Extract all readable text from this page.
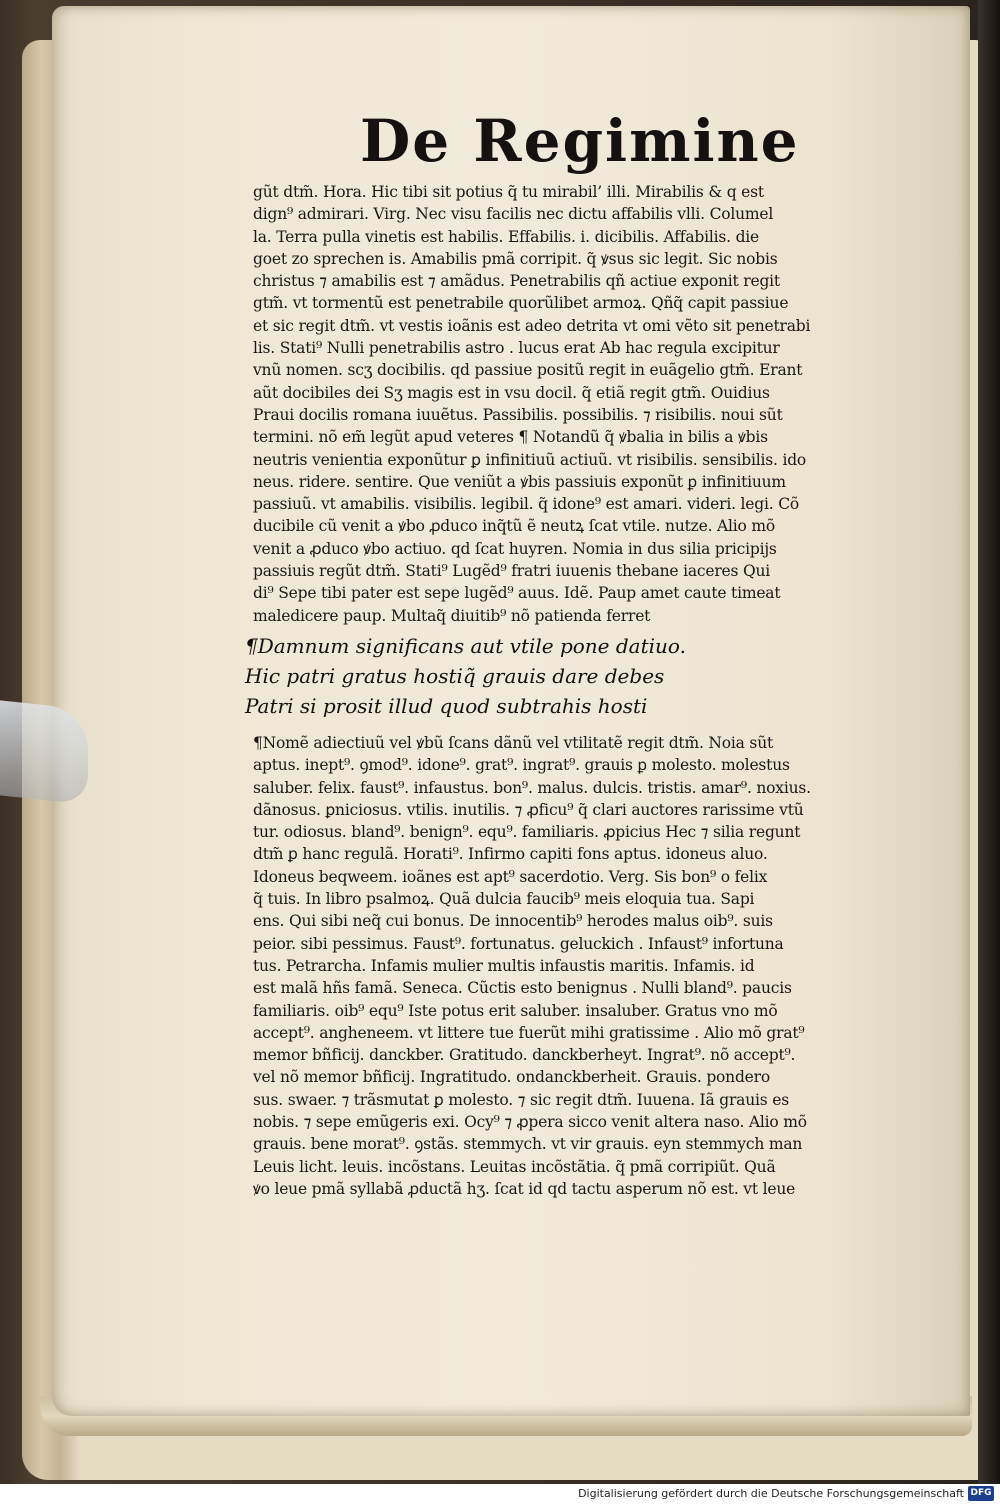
De Regimine
gũt dtm̃. Hora. Hic tibi sit potius q̃ tu mirabil’ illi. Mirabilis & q est
dign⁹ admirari. Virg. Nec visu facilis nec dictu affabilis vlli. Columel
la. Terra pulla vinetis est habilis. Effabilis. i. dicibilis. Affabilis. die
goet zo sprechen is. Amabilis pmã corripit. q̃ ꝟsus sic legit. Sic nobis
christus ⁊ amabilis est ⁊ amãdus. Penetrabilis qñ actiue exponit regit
gtm̃. vt tormentũ est penetrabile quorũlibet armoꝝ. Qñq̃ capit passiue
et sic regit dtm̃. vt vestis ioãnis est adeo detrita vt omi vẽto sit penetrabi
lis. Stati⁹ Nulli penetrabilis astro . lucus erat Ab hac regula excipitur
vnũ nomen. scʒ docibilis. qd passiue positũ regit in euãgelio gtm̃. Erant
aũt docibiles dei Sʒ magis est in vsu docil. q̃ etiã regit gtm̃. Ouidius
Praui docilis romana iuuẽtus. Passibilis. possibilis. ⁊ risibilis. noui sũt
termini. nõ em̃ legũt apud veteres ¶ Notandũ q̃ ꝟbalia in bilis a ꝟbis
neutris venientia exponũtur ꝑ infinitiuũ actiuũ. vt risibilis. sensibilis. ido
neus. ridere. sentire. Que veniũt a ꝟbis passiuis exponũt ꝑ infinitiuum
passiuũ. vt amabilis. visibilis. legibil. q̃ idone⁹ est amari. videri. legi. Cõ
ducibile cũ venit a ꝟbo ꝓduco inq̃tũ ẽ neutꝝ ſcat vtile. nutze. Alio mõ
venit a ꝓduco ꝟbo actiuo. qd ſcat huyren. Nomia in dus silia pricipijs
passiuis regũt dtm̃. Stati⁹ Lugẽd⁹ fratri iuuenis thebane iaceres Qui
di⁹ Sepe tibi pater est sepe lugẽd⁹ auus. Idẽ. Paup amet caute timeat
maledicere paup. Multaq̃ diuitib⁹ nõ patienda ferret
¶Damnum significans aut vtile pone datiuo.
Hic patri gratus hostiq̃ grauis dare debes
Patri si prosit illud quod subtrahis hosti
¶Nomẽ adiectiuũ vel ꝟbũ ſcans dãnũ vel vtilitatẽ regit dtm̃. Noia sũt
aptus. inept⁹. ꝯmod⁹. idone⁹. grat⁹. ingrat⁹. grauis ꝑ molesto. molestus
saluber. felix. faust⁹. infaustus. bon⁹. malus. dulcis. tristis. amar⁹. noxius.
dãnosus. ꝑniciosus. vtilis. inutilis. ⁊ ꝓficu⁹ q̃ clari auctores rarissime vtũ
tur. odiosus. bland⁹. benign⁹. equ⁹. familiaris. ꝓpicius Hec ⁊ silia regunt
dtm̃ ꝑ hanc regulã. Horati⁹. Infirmo capiti fons aptus. idoneus aluo.
Idoneus beqweem. ioãnes est apt⁹ sacerdotio. Verg. Sis bon⁹ o felix
q̃ tuis. In libro psalmoꝝ. Quã dulcia faucib⁹ meis eloquia tua. Sapi
ens. Qui sibi neq̃ cui bonus. De innocentib⁹ herodes malus oib⁹. suis
peior. sibi pessimus. Faust⁹. fortunatus. geluckich . Infaust⁹ infortuna
tus. Petrarcha. Infamis mulier multis infaustis maritis. Infamis. id
est malã hñs famã. Seneca. Cũctis esto benignus . Nulli bland⁹. paucis
familiaris. oib⁹ equ⁹ Iste potus erit saluber. insaluber. Gratus vno mõ
accept⁹. angheneem. vt littere tue fuerũt mihi gratissime . Alio mõ grat⁹
memor bñficij. danckber. Gratitudo. danckberheyt. Ingrat⁹. nõ accept⁹.
vel nõ memor bñficij. Ingratitudo. ondanckberheit. Grauis. pondero
sus. swaer. ⁊ trãsmutat ꝑ molesto. ⁊ sic regit dtm̃. Iuuena. Iã grauis es
nobis. ⁊ sepe emũgeris exi. Ocy⁹ ⁊ ꝓpera sicco venit altera naso. Alio mõ
grauis. bene morat⁹. ꝯstãs. stemmych. vt vir grauis. eyn stemmych man
Leuis licht. leuis. incõstans. Leuitas incõstãtia. q̃ pmã corripiũt. Quã
ꝟo leue pmã syllabã ꝓductã hʒ. ſcat id qd tactu asperum nõ est. vt leue
Digitalisierung gefördert durch die Deutsche Forschungsgemeinschaft DFG
